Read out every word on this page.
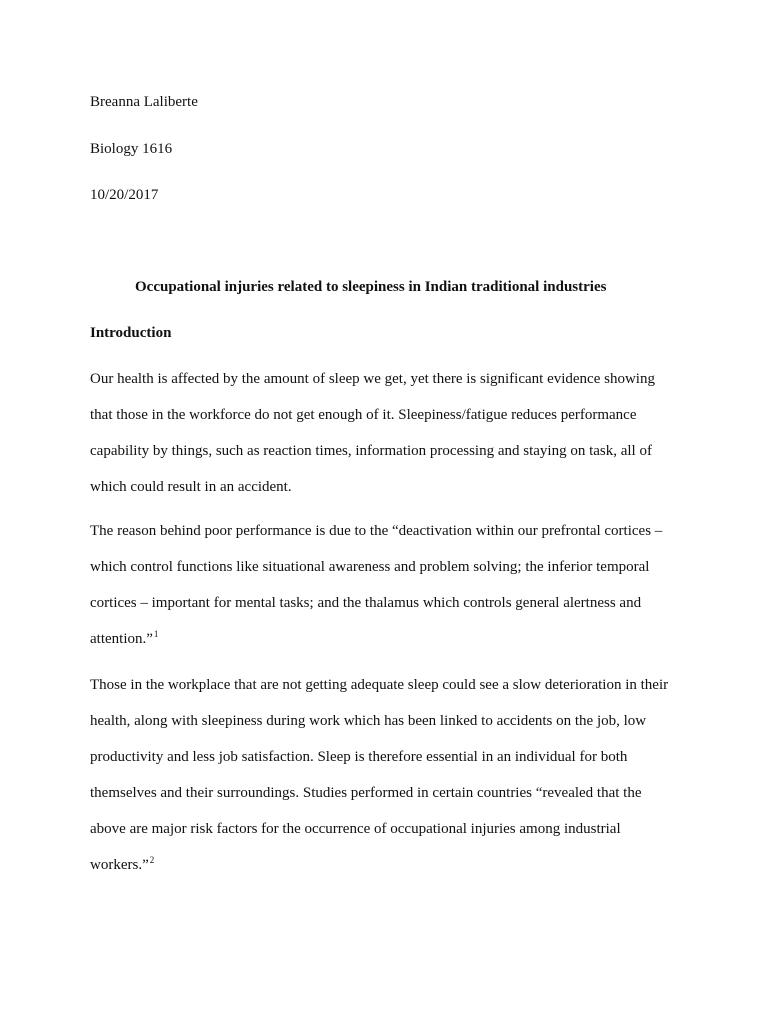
Breanna Laliberte
Biology 1616
10/20/2017
Occupational injuries related to sleepiness in Indian traditional industries
Introduction
Our health is affected by the amount of sleep we get, yet there is significant evidence showing
that those in the workforce do not get enough of it. Sleepiness/fatigue reduces performance
capability by things, such as reaction times, information processing and staying on task, all of
which could result in an accident.
The reason behind poor performance is due to the “deactivation within our prefrontal cortices –
which control functions like situational awareness and problem solving; the inferior temporal
cortices – important for mental tasks; and the thalamus which controls general alertness and
attention.”$^1$
Those in the workplace that are not getting adequate sleep could see a slow deterioration in their
health, along with sleepiness during work which has been linked to accidents on the job, low
productivity and less job satisfaction. Sleep is therefore essential in an individual for both
themselves and their surroundings. Studies performed in certain countries “revealed that the
above are major risk factors for the occurrence of occupational injuries among industrial
workers.”$^2$
